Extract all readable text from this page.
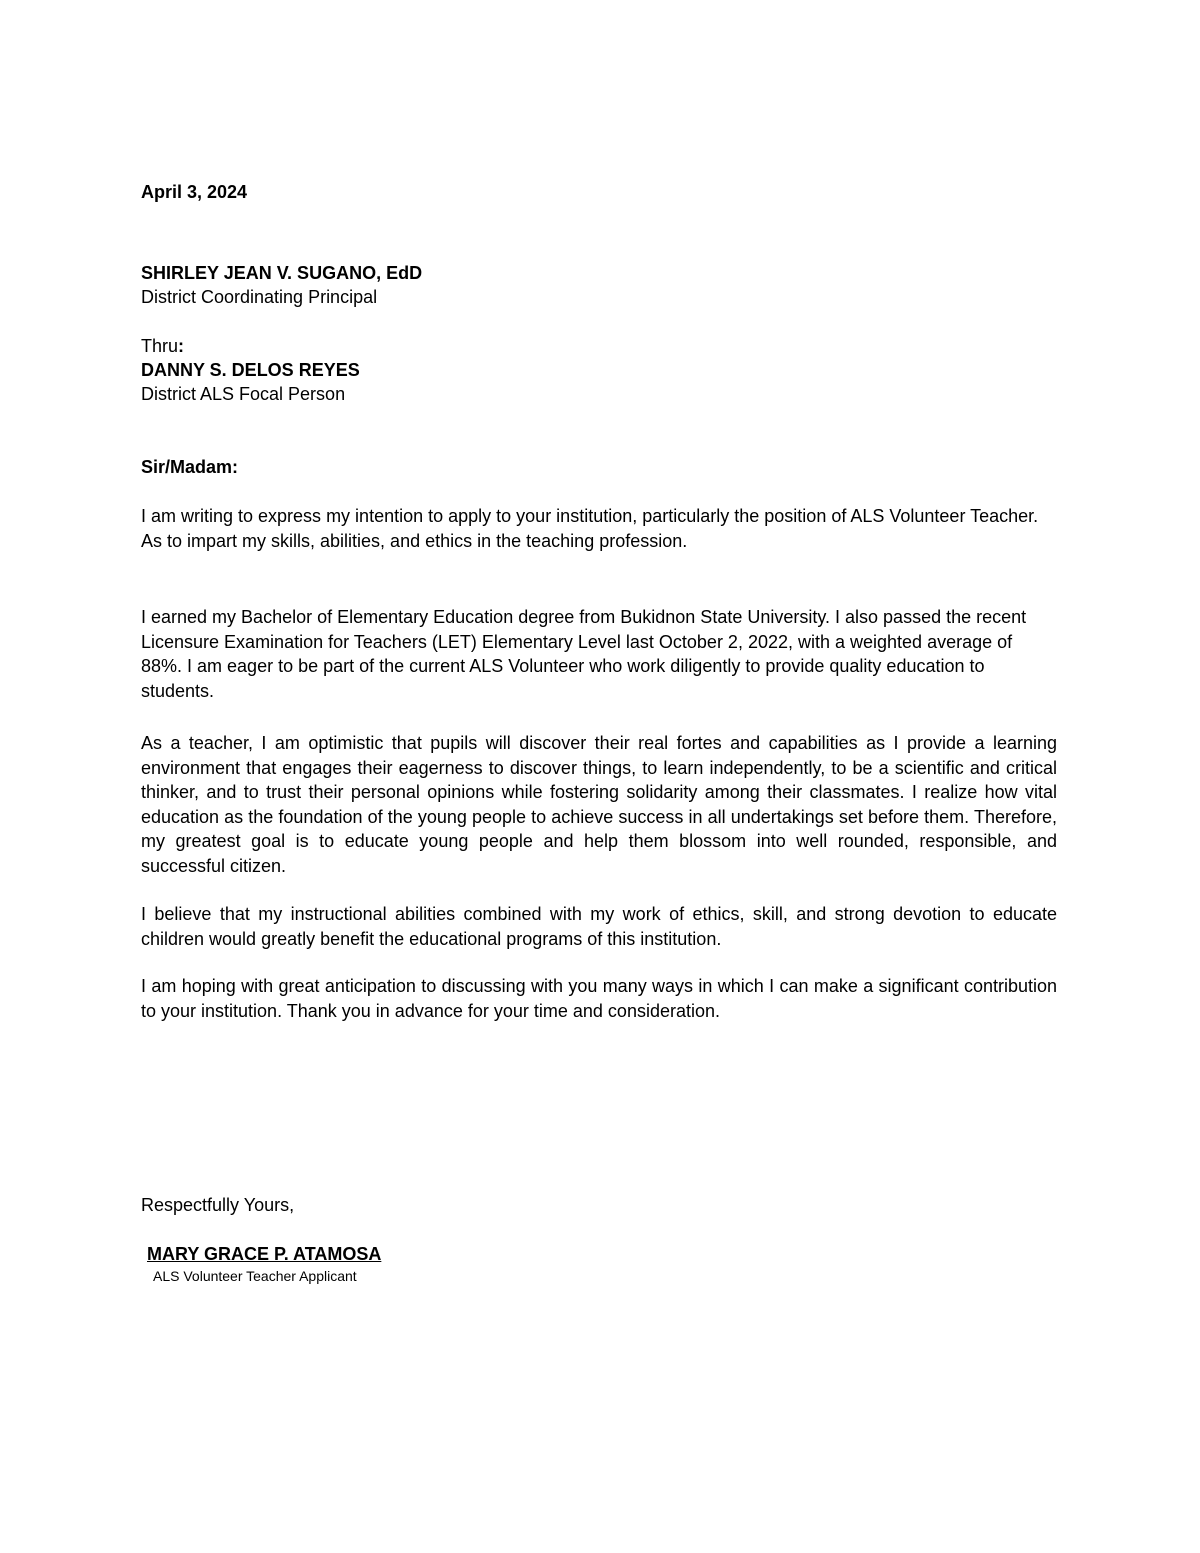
April 3, 2024
SHIRLEY JEAN V. SUGANO, EdD
District Coordinating Principal
Thru:
DANNY S. DELOS REYES
District ALS Focal Person
Sir/Madam:
I am writing to express my intention to apply to your institution, particularly the position of ALS Volunteer Teacher.
As to impart my skills, abilities, and ethics in the teaching profession.

I earned my Bachelor of Elementary Education degree from Bukidnon State University. I also passed the recent Licensure Examination for Teachers (LET) Elementary Level last October 2, 2022, with a weighted average of 88%. I am eager to be part of the current ALS Volunteer who work diligently to provide quality education to students.

As a teacher, I am optimistic that pupils will discover their real fortes and capabilities as I provide a learning environment that engages their eagerness to discover things, to learn independently, to be a scientific and critical thinker, and to trust their personal opinions while fostering solidarity among their classmates. I realize how vital education as the foundation of the young people to achieve success in all undertakings set before them. Therefore, my greatest goal is to educate young people and help them blossom into well rounded, responsible, and successful citizen.

I believe that my instructional abilities combined with my work of ethics, skill, and strong devotion to educate children would greatly benefit the educational programs of this institution.

I am hoping with great anticipation to discussing with you many ways in which I can make a significant contribution to your institution. Thank you in advance for your time and consideration.

Respectfully Yours,
MARY GRACE P. ATAMOSA
ALS Volunteer Teacher Applicant
